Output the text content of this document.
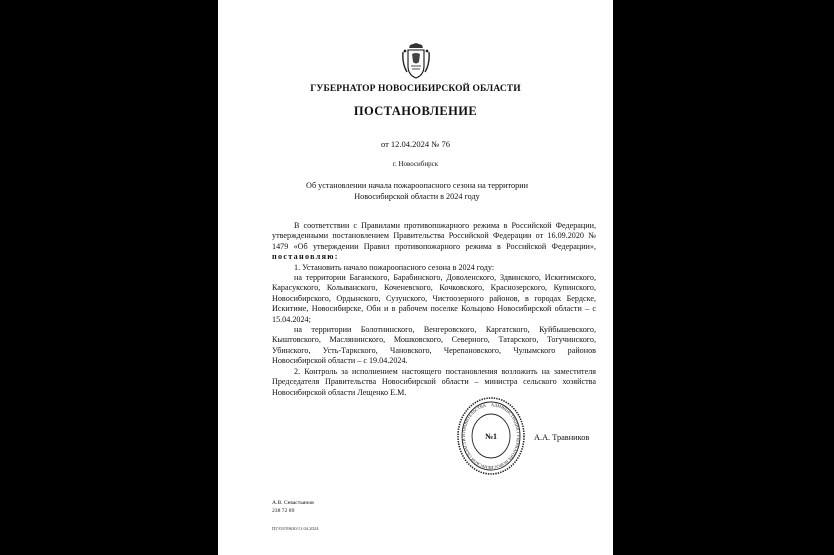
ГУБЕРНАТОР НОВОСИБИРСКОЙ ОБЛАСТИ
ПОСТАНОВЛЕНИЕ
от 12.04.2024 № 76
г. Новосибирск
Об установлении начала пожароопасного сезона на территории
Новосибирской области в 2024 году

В соответствии с Правилами противопожарного режима в Российской Федерации, утвержденными постановлением Правительства Российской Федерации от 16.09.2020 № 1479 «Об утверждении Правил противопожарного режима в Российской Федерации», постановляю:

1. Установить начало пожароопасного сезона в 2024 году:

на территории Баганского, Барабинского, Доволенского, Здвинского, Искитимского, Карасукского, Колыванского, Коченевского, Кочковского, Краснозерского, Купинского, Новосибирского, Ордынского, Сузунского, Чистоозерного районов, в городах Бердске, Искитиме, Новосибирске, Оби и в рабочем поселке Кольцово Новосибирской области – с 15.04.2024;

на территории Болотнинского, Венгеровского, Каргатского, Куйбышевского, Кыштовского, Маслянинского, Мошковского, Северного, Татарского, Тогучинского, Убинского, Усть-Таркского, Чановского, Черепановского, Чулымского районов Новосибирской области – с 19.04.2024.

2. Контроль за исполнением настоящего постановления возложить на заместителя Председателя Правительства Новосибирской области – министра сельского хозяйства Новосибирской области Лещенко Е.М.

АДМИНИСТРАЦИЯ ГУБЕРНАТОРА НОВОСИБИРСКОЙ ОБЛАСТИ И ПРАВИТЕЛЬСТВА
№1	А.А. Травников
А.В. Севастьянов
238 72 89
ПГ/03/59630/11.04.2024
